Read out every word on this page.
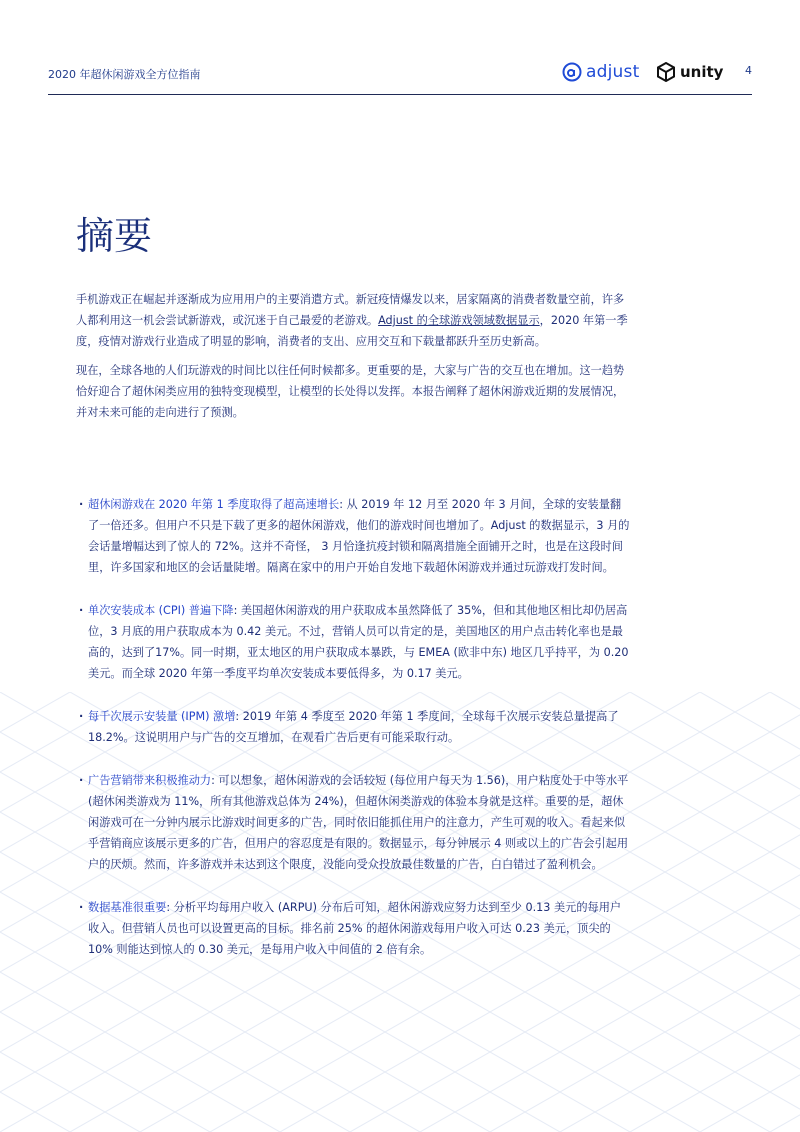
2020 年超休闲游戏全方位指南	adjust	unity 4
摘要

手机游戏正在崛起并逐渐成为应用用户的主要消遣方式。新冠疫情爆发以来，居家隔离的消费者数量空前，许多人都利用这一机会尝试新游戏，或沉迷于自己最爱的老游戏。Adjust 的全球游戏领域数据显示，2020 年第一季度，疫情对游戏行业造成了明显的影响，消费者的支出、应用交互和下载量都跃升至历史新高。

现在，全球各地的人们玩游戏的时间比以往任何时候都多。更重要的是，大家与广告的交互也在增加。这一趋势恰好迎合了超休闲类应用的独特变现模型，让模型的长处得以发挥。本报告阐释了超休闲游戏近期的发展情况，并对未来可能的走向进行了预测。

· 超休闲游戏在 2020 年第 1 季度取得了超高速增长: 从 2019 年 12 月至 2020 年 3 月间，全球的安装量翻了一倍还多。但用户不只是下载了更多的超休闲游戏，他们的游戏时间也增加了。Adjust 的数据显示，3 月的会话量增幅达到了惊人的 72%。这并不奇怪， 3 月恰逢抗疫封锁和隔离措施全面铺开之时，也是在这段时间里，许多国家和地区的会话量陡增。隔离在家中的用户开始自发地下载超休闲游戏并通过玩游戏打发时间。
· 单次安装成本 (CPI) 普遍下降: 美国超休闲游戏的用户获取成本虽然降低了 35%，但和其他地区相比却仍居高位，3 月底的用户获取成本为 0.42 美元。不过，营销人员可以肯定的是，美国地区的用户点击转化率也是最高的，达到了17%。同一时期，亚太地区的用户获取成本暴跌，与 EMEA (欧非中东) 地区几乎持平，为 0.20 美元。而全球 2020 年第一季度平均单次安装成本要低得多，为 0.17 美元。
· 每千次展示安装量 (IPM) 激增: 2019 年第 4 季度至 2020 年第 1 季度间，全球每千次展示安装总量提高了 18.2%。这说明用户与广告的交互增加，在观看广告后更有可能采取行动。
· 广告营销带来积极推动力: 可以想象，超休闲游戏的会话较短 (每位用户每天为 1.56)，用户粘度处于中等水平 (超休闲类游戏为 11%，所有其他游戏总体为 24%)，但超休闲类游戏的体验本身就是这样。重要的是，超休闲游戏可在一分钟内展示比游戏时间更多的广告，同时依旧能抓住用户的注意力，产生可观的收入。看起来似乎营销商应该展示更多的广告，但用户的容忍度是有限的。数据显示，每分钟展示 4 则或以上的广告会引起用户的厌烦。然而，许多游戏并未达到这个限度，没能向受众投放最佳数量的广告，白白错过了盈利机会。
· 数据基准很重要: 分析平均每用户收入 (ARPU) 分布后可知，超休闲游戏应努力达到至少 0.13 美元的每用户收入。但营销人员也可以设置更高的目标。排名前 25% 的超休闲游戏每用户收入可达 0.23 美元，顶尖的 10% 则能达到惊人的 0.30 美元，是每用户收入中间值的 2 倍有余。
